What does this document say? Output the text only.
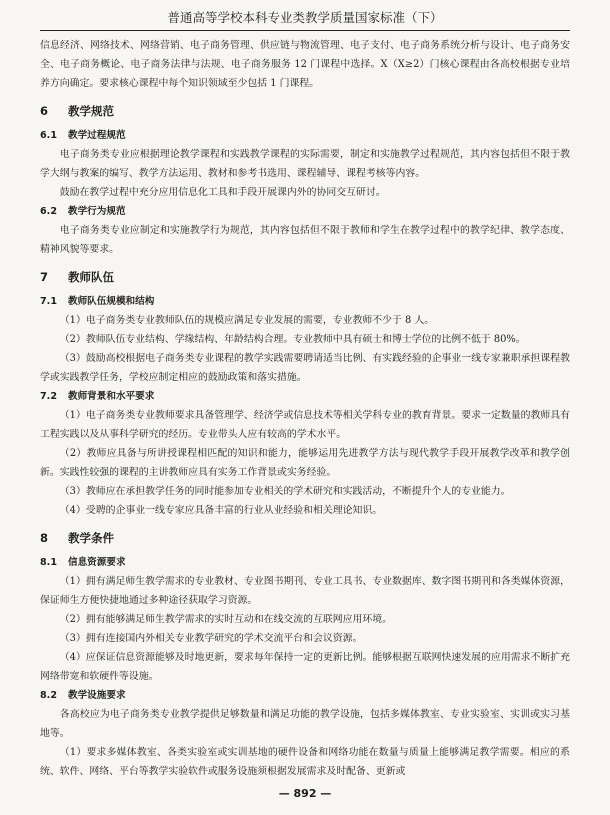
普通高等学校本科专业类教学质量国家标准（下）

信息经济、网络技术、网络营销、电子商务管理、供应链与物流管理、电子支付、电子商务系统分析与设计、电子商务安全、电子商务概论、电子商务法律与法规、电子商务服务 12 门课程中选择。X（X≥2）门核心课程由各高校根据专业培养方向确定。要求核心课程中每个知识领域至少包括 1 门课程。

6 教学规范
6.1 教学过程规范

电子商务类专业应根据理论教学课程和实践教学课程的实际需要，制定和实施教学过程规范，其内容包括但不限于教学大纲与教案的编写、教学方法运用、教材和参考书选用、课程辅导、课程考核等内容。

鼓励在教学过程中充分应用信息化工具和手段开展课内外的协同交互研讨。

6.2 教学行为规范

电子商务类专业应制定和实施教学行为规范，其内容包括但不限于教师和学生在教学过程中的教学纪律、教学态度、精神风貌等要求。

7 教师队伍
7.1 教师队伍规模和结构

（1）电子商务类专业教师队伍的规模应满足专业发展的需要，专业教师不少于 8 人。

（2）教师队伍专业结构、学缘结构、年龄结构合理。专业教师中具有硕士和博士学位的比例不低于 80%。

（3）鼓励高校根据电子商务类专业课程的教学实践需要聘请适当比例、有实践经验的企事业一线专家兼职承担课程教学或实践教学任务，学校应制定相应的鼓励政策和落实措施。

7.2 教师背景和水平要求

（1）电子商务类专业教师要求具备管理学、经济学或信息技术等相关学科专业的教育背景。要求一定数量的教师具有工程实践以及从事科学研究的经历。专业带头人应有较高的学术水平。

（2）教师应具备与所讲授课程相匹配的知识和能力，能够运用先进教学方法与现代教学手段开展教学改革和教学创新。实践性较强的课程的主讲教师应具有实务工作背景或实务经验。

（3）教师应在承担教学任务的同时能参加专业相关的学术研究和实践活动，不断提升个人的专业能力。

（4）受聘的企事业一线专家应具备丰富的行业从业经验和相关理论知识。

8 教学条件
8.1 信息资源要求

（1）拥有满足师生教学需求的专业教材、专业图书期刊、专业工具书、专业数据库、数字图书期刊和各类媒体资源，保证师生方便快捷地通过多种途径获取学习资源。

（2）拥有能够满足师生教学需求的实时互动和在线交流的互联网应用环境。

（3）拥有连接国内外相关专业教学研究的学术交流平台和会议资源。

（4）应保证信息资源能够及时地更新，要求每年保持一定的更新比例。能够根据互联网快速发展的应用需求不断扩充网络带宽和软硬件等设施。

8.2 教学设施要求

各高校应为电子商务类专业教学提供足够数量和满足功能的教学设施，包括多媒体教室、专业实验室、实训或实习基地等。

（1）要求多媒体教室、各类实验室或实训基地的硬件设备和网络功能在数量与质量上能够满足教学需要。相应的系统、软件、网络、平台等教学实验软件或服务设施须根据发展需求及时配备、更新或

— 892 —
